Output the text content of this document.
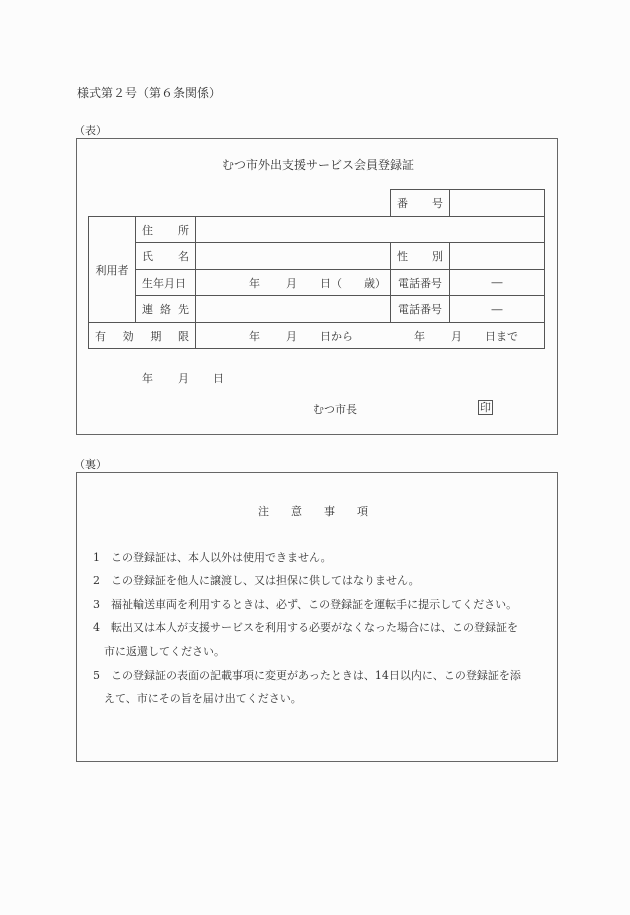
様式第２号（第６条関係）
（表）
むつ市外出支援サービス会員登録証
番 号
利用者
住 所
氏 名	性 別
生年月日	年 月 日（ 歳）	電話番号	―
連 絡 先	電話番号	―
有 効 期 限	年 月 日から	年 月 日まで
年 月 日
むつ市長	印
（裏）
注 意 事 項
1　この登録証は、本人以外は使用できません。
2　この登録証を他人に譲渡し、又は担保に供してはなりません。
3　福祉輸送車両を利用するときは、必ず、この登録証を運転手に提示してください。
4　転出又は本人が支援サービスを利用する必要がなくなった場合には、この登録証を
　市に返還してください。
5　この登録証の表面の記載事項に変更があったときは、14日以内に、この登録証を添
　えて、市にその旨を届け出てください。
